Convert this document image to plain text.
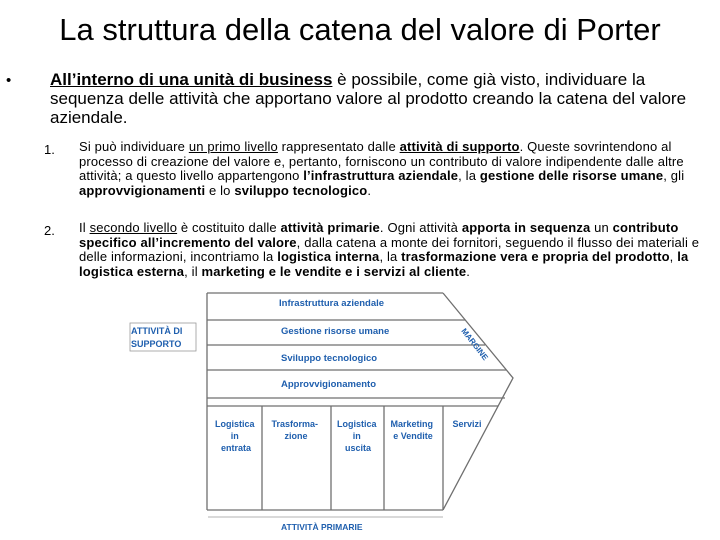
La struttura della catena del valore di Porter
• All’interno di una unità di business è possibile, come già visto, individuare la sequenza delle attività che apportano valore al prodotto creando la catena del valore aziendale.
1. Si può individuare un primo livello rappresentato dalle attività di supporto. Queste sovrintendono al processo di creazione del valore e, pertanto, forniscono un contributo di valore indipendente dalle altre attività; a questo livello appartengono l’infrastruttura aziendale, la gestione delle risorse umane, gli approvvigionamenti e lo sviluppo tecnologico.
2. Il secondo livello è costituito dalle attività primarie. Ogni attività apporta in sequenza un contributo specifico all’incremento del valore, dalla catena a monte dei fornitori, seguendo il flusso dei materiali e delle informazioni, incontriamo la logistica interna, la trasformazione vera e propria del prodotto, la logistica esterna, il marketing e le vendite e i servizi al cliente.
ATTIVITÀ DI
SUPPORTO
Infrastruttura aziendale
Gestione risorse umane
Sviluppo tecnologico
Approvvigionamento
Logistica in entrata
Trasforma- zione
Logistica in uscita
Marketing e Vendite
Servizi
MARGINE
ATTIVITÀ PRIMARIE
